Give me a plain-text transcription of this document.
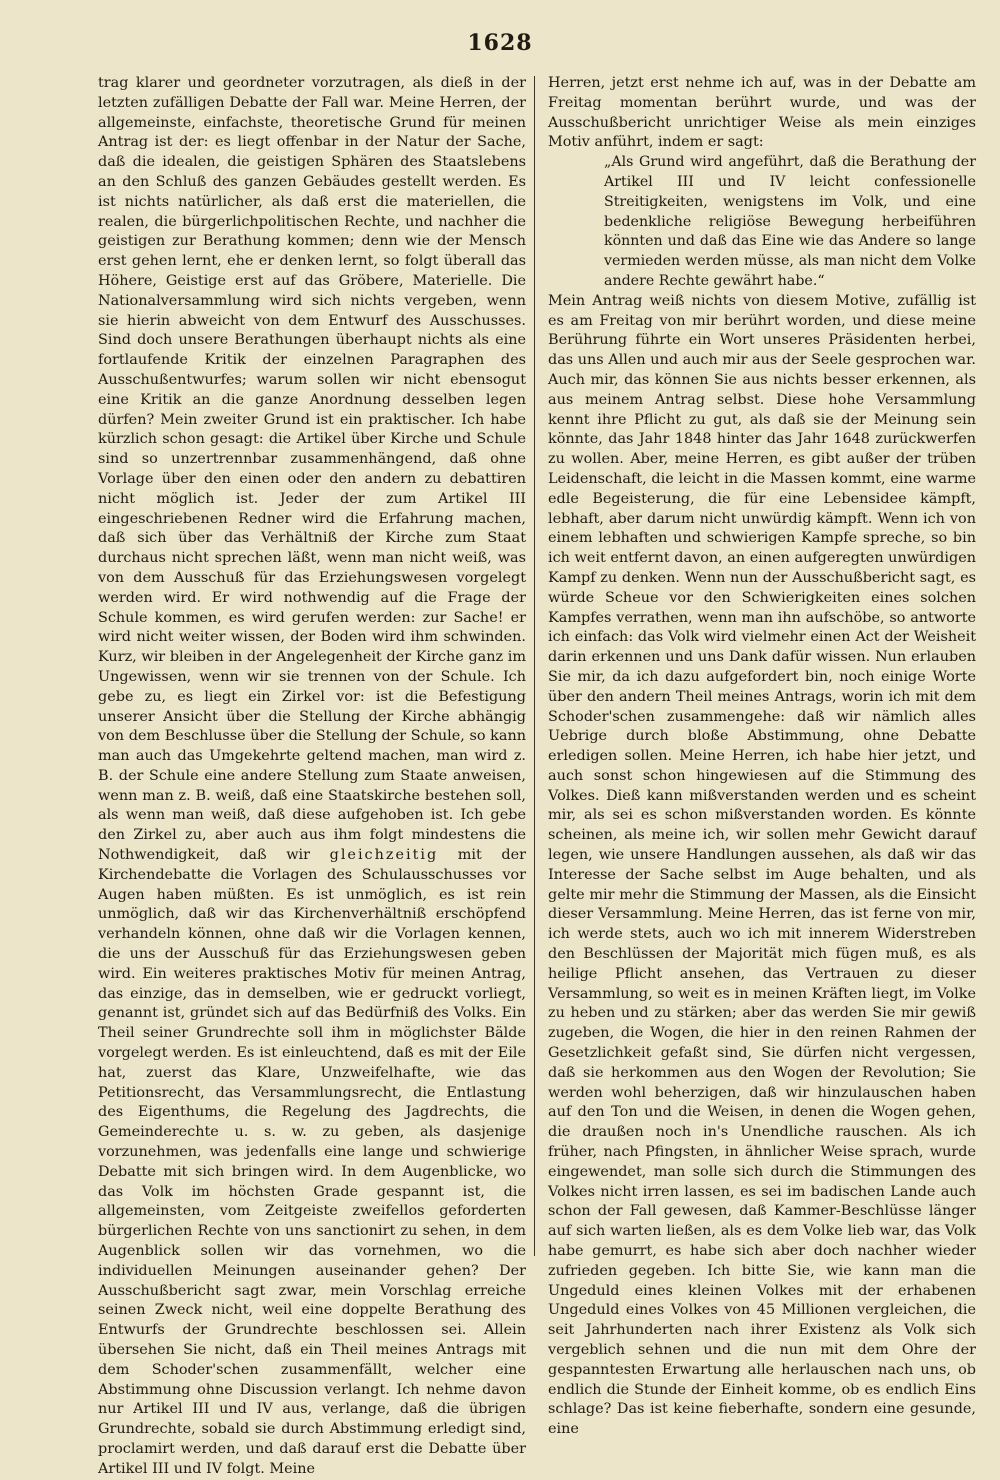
1628

trag klarer und geordneter vorzutragen, als dieß in der letzten zufälligen Debatte der Fall war. Meine Herren, der allgemeinste, einfachste, theoretische Grund für meinen Antrag ist der: es liegt offenbar in der Natur der Sache, daß die idealen, die geistigen Sphären des Staatslebens an den Schluß des ganzen Gebäudes gestellt werden. Es ist nichts natürlicher, als daß erst die materiellen, die realen, die bürgerlichpolitischen Rechte, und nachher die geistigen zur Berathung kommen; denn wie der Mensch erst gehen lernt, ehe er denken lernt, so folgt überall das Höhere, Geistige erst auf das Gröbere, Materielle. Die Nationalversammlung wird sich nichts vergeben, wenn sie hierin abweicht von dem Entwurf des Ausschusses. Sind doch unsere Berathungen überhaupt nichts als eine fortlaufende Kritik der einzelnen Paragraphen des Ausschußentwurfes; warum sollen wir nicht ebensogut eine Kritik an die ganze Anordnung desselben legen dürfen? Mein zweiter Grund ist ein praktischer. Ich habe kürzlich schon gesagt: die Artikel über Kirche und Schule sind so unzertrennbar zusammenhängend, daß ohne Vorlage über den einen oder den andern zu debattiren nicht möglich ist. Jeder der zum Artikel III eingeschriebenen Redner wird die Erfahrung machen, daß sich über das Verhältniß der Kirche zum Staat durchaus nicht sprechen läßt, wenn man nicht weiß, was von dem Ausschuß für das Erziehungswesen vorgelegt werden wird. Er wird nothwendig auf die Frage der Schule kommen, es wird gerufen werden: zur Sache! er wird nicht weiter wissen, der Boden wird ihm schwinden. Kurz, wir bleiben in der Angelegenheit der Kirche ganz im Ungewissen, wenn wir sie trennen von der Schule. Ich gebe zu, es liegt ein Zirkel vor: ist die Befestigung unserer Ansicht über die Stellung der Kirche abhängig von dem Beschlusse über die Stellung der Schule, so kann man auch das Umgekehrte geltend machen, man wird z. B. der Schule eine andere Stellung zum Staate anweisen, wenn man z. B. weiß, daß eine Staatskirche bestehen soll, als wenn man weiß, daß diese aufgehoben ist. Ich gebe den Zirkel zu, aber auch aus ihm folgt mindestens die Nothwendigkeit, daß wir gleichzeitig mit der Kirchendebatte die Vorlagen des Schulausschusses vor Augen haben müßten. Es ist unmöglich, es ist rein unmöglich, daß wir das Kirchenverhältniß erschöpfend verhandeln können, ohne daß wir die Vorlagen kennen, die uns der Ausschuß für das Erziehungswesen geben wird. Ein weiteres praktisches Motiv für meinen Antrag, das einzige, das in demselben, wie er gedruckt vorliegt, genannt ist, gründet sich auf das Bedürfniß des Volks. Ein Theil seiner Grundrechte soll ihm in möglichster Bälde vorgelegt werden. Es ist einleuchtend, daß es mit der Eile hat, zuerst das Klare, Unzweifelhafte, wie das Petitionsrecht, das Versammlungsrecht, die Entlastung des Eigenthums, die Regelung des Jagdrechts, die Gemeinderechte u. s. w. zu geben, als dasjenige vorzunehmen, was jedenfalls eine lange und schwierige Debatte mit sich bringen wird. In dem Augenblicke, wo das Volk im höchsten Grade gespannt ist, die allgemeinsten, vom Zeitgeiste zweifellos geforderten bürgerlichen Rechte von uns sanctionirt zu sehen, in dem Augenblick sollen wir das vornehmen, wo die individuellen Meinungen auseinander gehen? Der Ausschußbericht sagt zwar, mein Vorschlag erreiche seinen Zweck nicht, weil eine doppelte Berathung des Entwurfs der Grundrechte beschlossen sei. Allein übersehen Sie nicht, daß ein Theil meines Antrags mit dem Schoder'schen zusammenfällt, welcher eine Abstimmung ohne Discussion verlangt. Ich nehme davon nur Artikel III und IV aus, verlange, daß die übrigen Grundrechte, sobald sie durch Abstimmung erledigt sind, proclamirt werden, und daß darauf erst die Debatte über Artikel III und IV folgt. Meine

Herren, jetzt erst nehme ich auf, was in der Debatte am Freitag momentan berührt wurde, und was der Ausschußbericht unrichtiger Weise als mein einziges Motiv anführt, indem er sagt:

„Als Grund wird angeführt, daß die Berathung der Artikel III und IV leicht confessionelle Streitigkeiten, wenigstens im Volk, und eine bedenkliche religiöse Bewegung herbeiführen könnten und daß das Eine wie das Andere so lange vermieden werden müsse, als man nicht dem Volke andere Rechte gewährt habe.“

Mein Antrag weiß nichts von diesem Motive, zufällig ist es am Freitag von mir berührt worden, und diese meine Berührung führte ein Wort unseres Präsidenten herbei, das uns Allen und auch mir aus der Seele gesprochen war. Auch mir, das können Sie aus nichts besser erkennen, als aus meinem Antrag selbst. Diese hohe Versammlung kennt ihre Pflicht zu gut, als daß sie der Meinung sein könnte, das Jahr 1848 hinter das Jahr 1648 zurückwerfen zu wollen. Aber, meine Herren, es gibt außer der trüben Leidenschaft, die leicht in die Massen kommt, eine warme edle Begeisterung, die für eine Lebensidee kämpft, lebhaft, aber darum nicht unwürdig kämpft. Wenn ich von einem lebhaften und schwierigen Kampfe spreche, so bin ich weit entfernt davon, an einen aufgeregten unwürdigen Kampf zu denken. Wenn nun der Ausschußbericht sagt, es würde Scheue vor den Schwierigkeiten eines solchen Kampfes verrathen, wenn man ihn aufschöbe, so antworte ich einfach: das Volk wird vielmehr einen Act der Weisheit darin erkennen und uns Dank dafür wissen. Nun erlauben Sie mir, da ich dazu aufgefordert bin, noch einige Worte über den andern Theil meines Antrags, worin ich mit dem Schoder'schen zusammengehe: daß wir nämlich alles Uebrige durch bloße Abstimmung, ohne Debatte erledigen sollen. Meine Herren, ich habe hier jetzt, und auch sonst schon hingewiesen auf die Stimmung des Volkes. Dieß kann mißverstanden werden und es scheint mir, als sei es schon mißverstanden worden. Es könnte scheinen, als meine ich, wir sollen mehr Gewicht darauf legen, wie unsere Handlungen aussehen, als daß wir das Interesse der Sache selbst im Auge behalten, und als gelte mir mehr die Stimmung der Massen, als die Einsicht dieser Versammlung. Meine Herren, das ist ferne von mir, ich werde stets, auch wo ich mit innerem Widerstreben den Beschlüssen der Majorität mich fügen muß, es als heilige Pflicht ansehen, das Vertrauen zu dieser Versammlung, so weit es in meinen Kräften liegt, im Volke zu heben und zu stärken; aber das werden Sie mir gewiß zugeben, die Wogen, die hier in den reinen Rahmen der Gesetzlichkeit gefaßt sind, Sie dürfen nicht vergessen, daß sie herkommen aus den Wogen der Revolution; Sie werden wohl beherzigen, daß wir hinzulauschen haben auf den Ton und die Weisen, in denen die Wogen gehen, die draußen noch in's Unendliche rauschen. Als ich früher, nach Pfingsten, in ähnlicher Weise sprach, wurde eingewendet, man solle sich durch die Stimmungen des Volkes nicht irren lassen, es sei im badischen Lande auch schon der Fall gewesen, daß Kammer-Beschlüsse länger auf sich warten ließen, als es dem Volke lieb war, das Volk habe gemurrt, es habe sich aber doch nachher wieder zufrieden gegeben. Ich bitte Sie, wie kann man die Ungeduld eines kleinen Volkes mit der erhabenen Ungeduld eines Volkes von 45 Millionen vergleichen, die seit Jahrhunderten nach ihrer Existenz als Volk sich vergeblich sehnen und die nun mit dem Ohre der gespanntesten Erwartung alle herlauschen nach uns, ob endlich die Stunde der Einheit komme, ob es endlich Eins schlage? Das ist keine fieberhafte, sondern eine gesunde, eine
